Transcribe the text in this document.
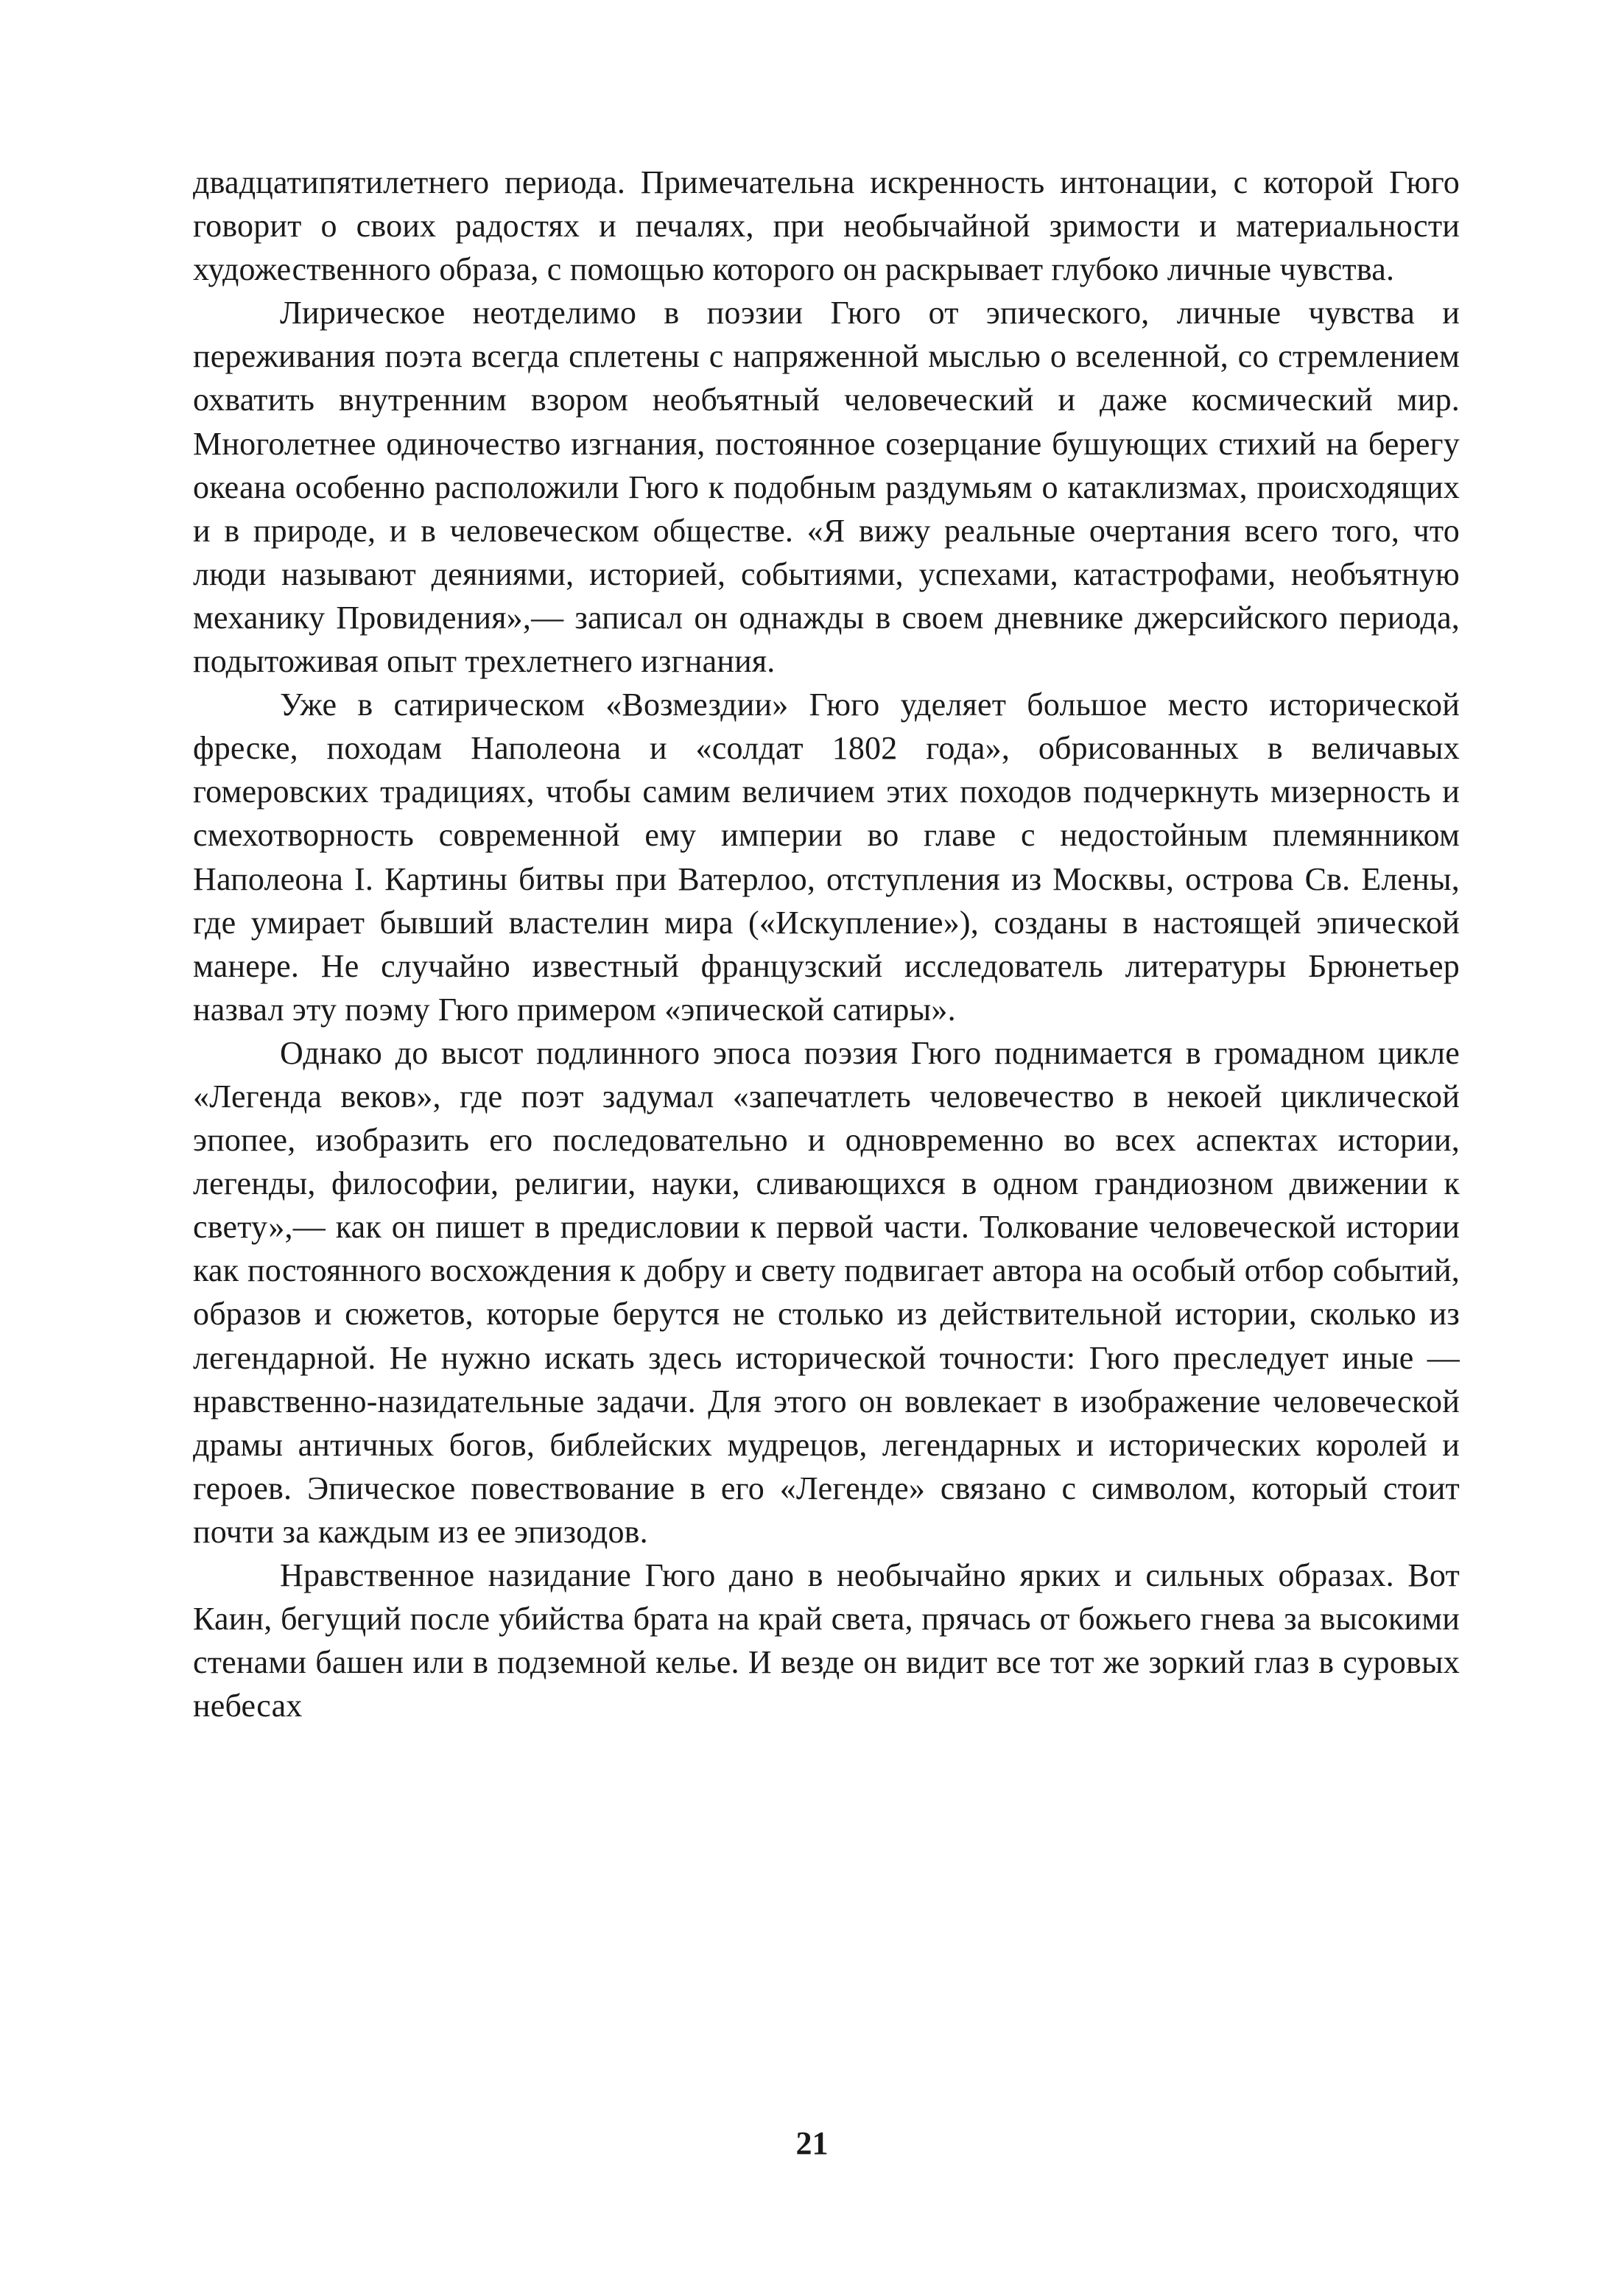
двадцатипятилетнего периода. Примечательна искренность интонации, с которой Гюго говорит о своих радостях и печалях, при необычайной зримости и материальности художественного образа, с помощью которого он раскрывает глубоко личные чувства.

Лирическое неотделимо в поэзии Гюго от эпического, личные чувства и переживания поэта всегда сплетены с напряженной мыслью о вселенной, со стремлением охватить внутренним взором необъятный человеческий и даже космический мир. Многолетнее одиночество изгнания, постоянное созерцание бушующих стихий на берегу океана особенно расположили Гюго к подобным раздумьям о катаклизмах, происходящих и в природе, и в человеческом обществе. «Я вижу реальные очертания всего того, что люди называют деяниями, историей, событиями, успехами, катастрофами, необъятную механику Провидения»,— записал он однажды в своем дневнике джерсийского периода, подытоживая опыт трехлетнего изгнания.

Уже в сатирическом «Возмездии» Гюго уделяет большое место исторической фреске, походам Наполеона и «солдат 1802 года», обрисованных в величавых гомеровских традициях, чтобы самим величием этих походов подчеркнуть мизерность и смехотворность современной ему империи во главе с недостойным племянником Наполеона I. Картины битвы при Ватерлоо, отступления из Москвы, острова Св. Елены, где умирает бывший властелин мира («Искупление»), созданы в настоящей эпической манере. Не случайно известный французский исследователь литературы Брюнетьер назвал эту поэму Гюго примером «эпической сатиры».

Однако до высот подлинного эпоса поэзия Гюго поднимается в громадном цикле «Легенда веков», где поэт задумал «запечатлеть человечество в некоей циклической эпопее, изобразить его последовательно и одновременно во всех аспектах истории, легенды, философии, религии, науки, сливающихся в одном грандиозном движении к свету»,— как он пишет в предисловии к первой части. Толкование человеческой истории как постоянного восхождения к добру и свету подвигает автора на особый отбор событий, образов и сюжетов, которые берутся не столько из действительной истории, сколько из легендарной. Не нужно искать здесь исторической точности: Гюго преследует иные — нравственно-назидательные задачи. Для этого он вовлекает в изображение человеческой драмы античных богов, библейских мудрецов, легендарных и исторических королей и героев. Эпическое повествование в его «Легенде» связано с символом, который стоит почти за каждым из ее эпизодов.

Нравственное назидание Гюго дано в необычайно ярких и сильных образах. Вот Каин, бегущий после убийства брата на край света, прячась от божьего гнева за высокими стенами башен или в подземной келье. И везде он видит все тот же зоркий глаз в суровых небесах

21
